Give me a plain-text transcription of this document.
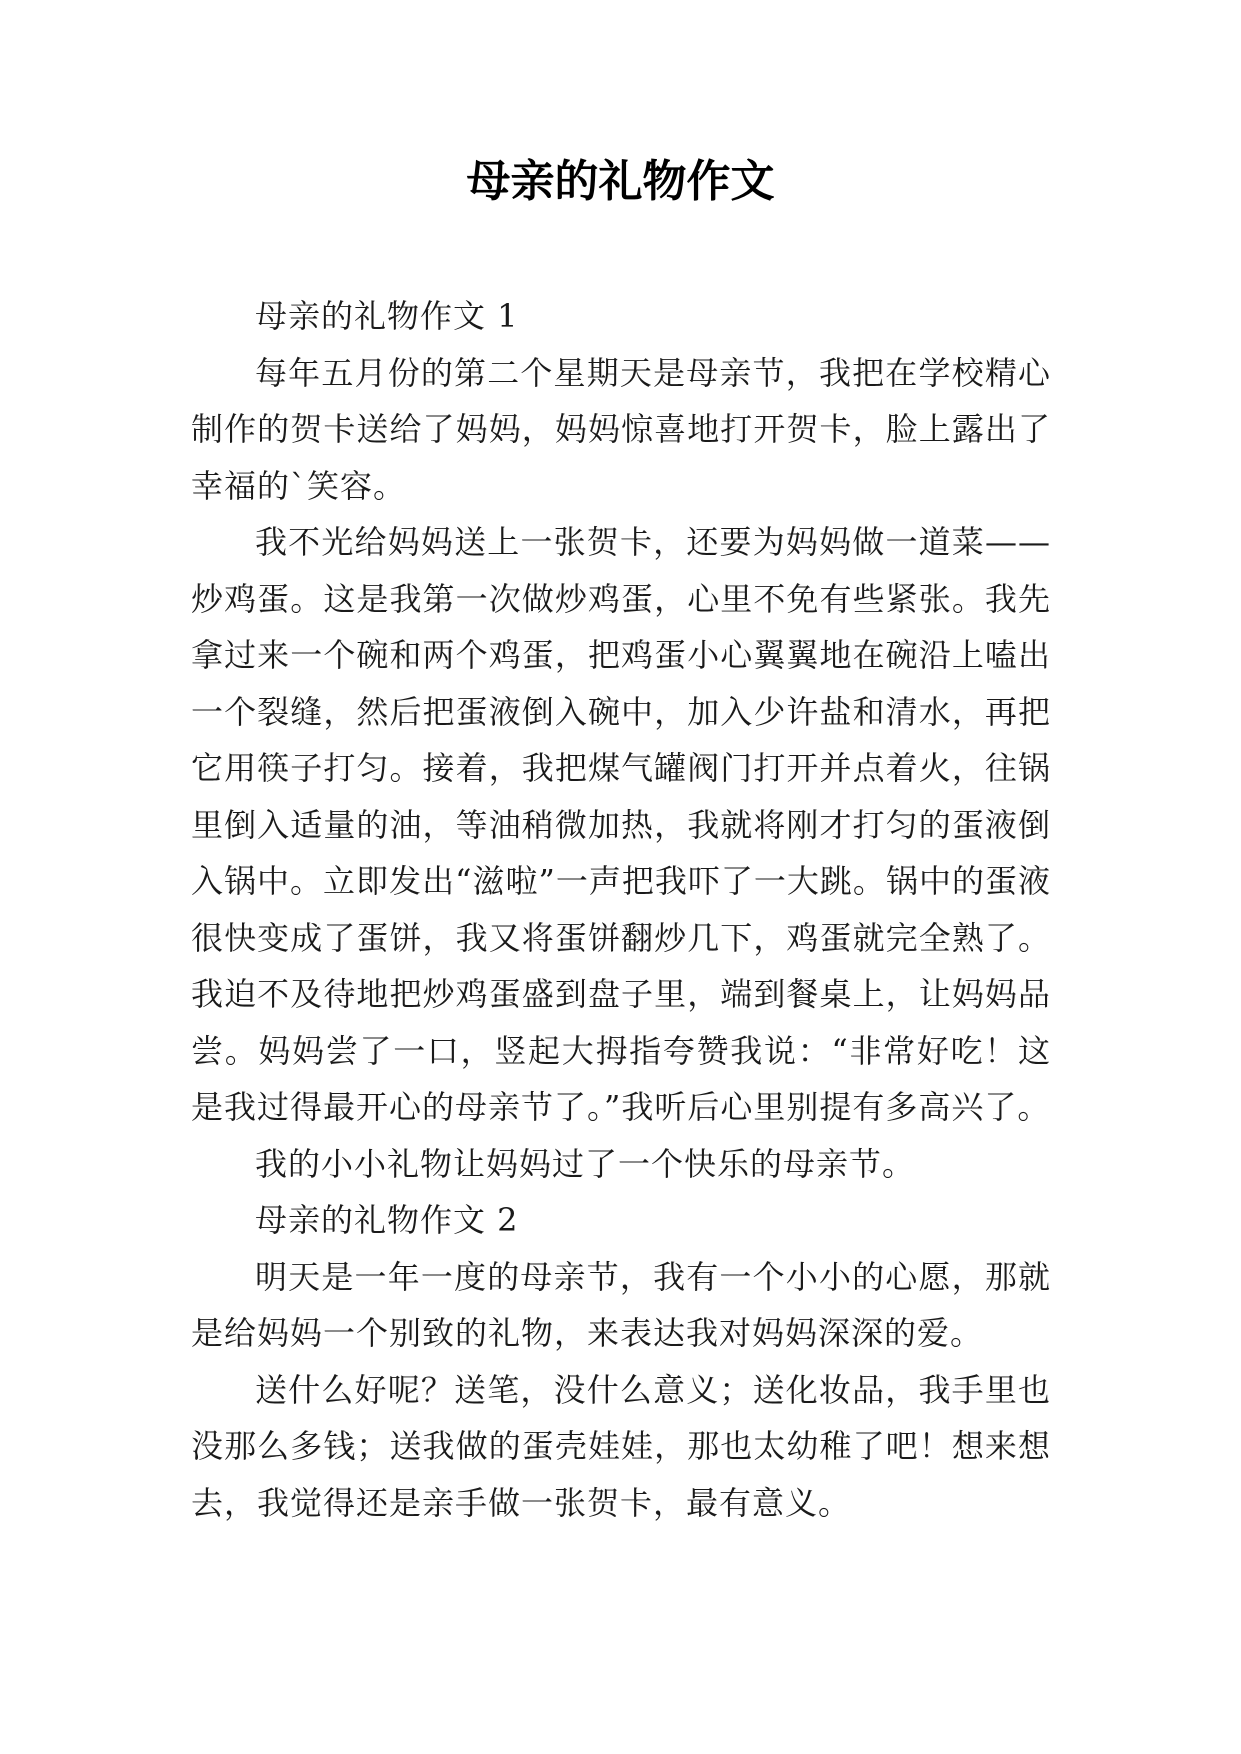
母亲的礼物作文

母亲的礼物作文 1

每年五月份的第二个星期天是母亲节，我把在学校精心制作的贺卡送给了妈妈，妈妈惊喜地打开贺卡，脸上露出了幸福的`笑容。

我不光给妈妈送上一张贺卡，还要为妈妈做一道菜——炒鸡蛋。这是我第一次做炒鸡蛋，心里不免有些紧张。我先拿过来一个碗和两个鸡蛋，把鸡蛋小心翼翼地在碗沿上嗑出一个裂缝，然后把蛋液倒入碗中，加入少许盐和清水，再把它用筷子打匀。接着，我把煤气罐阀门打开并点着火，往锅里倒入适量的油，等油稍微加热，我就将刚才打匀的蛋液倒入锅中。立即发出“滋啦”一声把我吓了一大跳。锅中的蛋液很快变成了蛋饼，我又将蛋饼翻炒几下，鸡蛋就完全熟了。我迫不及待地把炒鸡蛋盛到盘子里，端到餐桌上，让妈妈品尝。妈妈尝了一口，竖起大拇指夸赞我说：“非常好吃！这是我过得最开心的母亲节了。”我听后心里别提有多高兴了。

我的小小礼物让妈妈过了一个快乐的母亲节。

母亲的礼物作文 2

明天是一年一度的母亲节，我有一个小小的心愿，那就是给妈妈一个别致的礼物，来表达我对妈妈深深的爱。

送什么好呢？送笔，没什么意义；送化妆品，我手里也没那么多钱；送我做的蛋壳娃娃，那也太幼稚了吧！想来想去，我觉得还是亲手做一张贺卡，最有意义。
